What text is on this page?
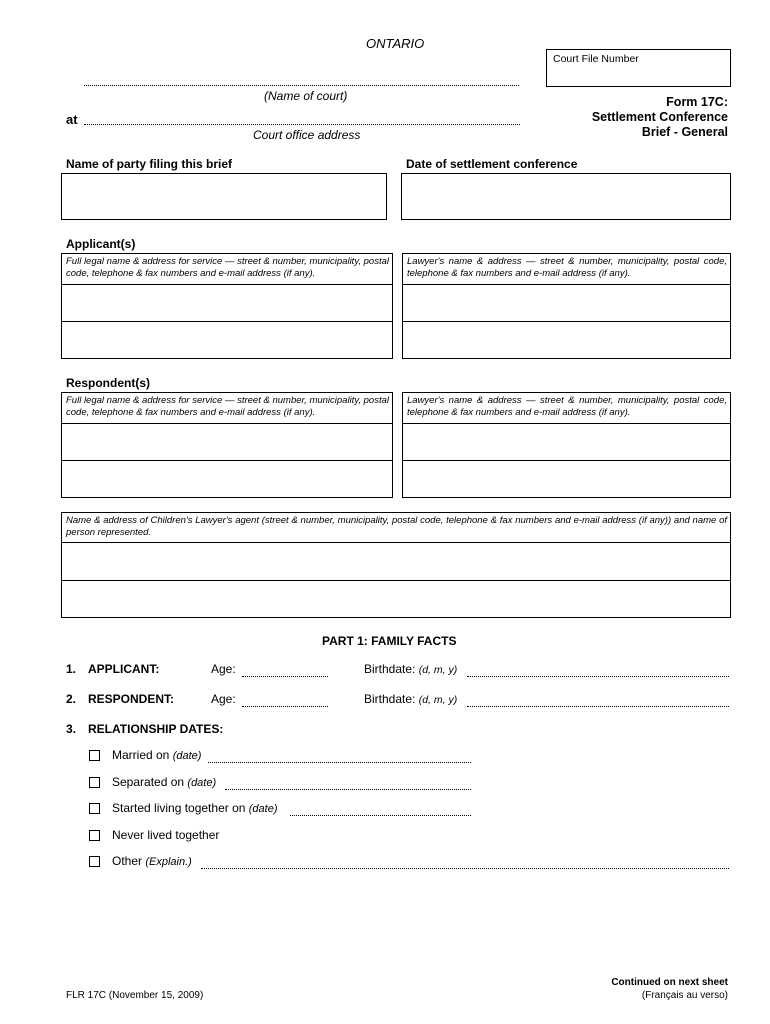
ONTARIO
Court File Number
(Name of court)
at
Court office address
Form 17C:
Settlement Conference
Brief - General
Name of party filing this brief	Date of settlement conference
Applicant(s)
Full legal name & address for service — street & number, municipality, postal code, telephone & fax numbers and e-mail address (if any).
Lawyer's name & address — street & number, municipality, postal code, telephone & fax numbers and e-mail address (if any).
Respondent(s)
Full legal name & address for service — street & number, municipality, postal code, telephone & fax numbers and e-mail address (if any).
Lawyer's name & address — street & number, municipality, postal code, telephone & fax numbers and e-mail address (if any).
Name & address of Children's Lawyer's agent (street & number, municipality, postal code, telephone & fax numbers and e-mail address (if any)) and name of person represented.
PART 1: FAMILY FACTS
1. APPLICANT:	Age:	Birthdate: (d, m, y)
2. RESPONDENT:	Age:	Birthdate: (d, m, y)
3. RELATIONSHIP DATES:
Married on (date)
Separated on (date)
Started living together on (date)
Never lived together
Other (Explain.)
FLR 17C (November 15, 2009)
Continued on next sheet
(Français au verso)
